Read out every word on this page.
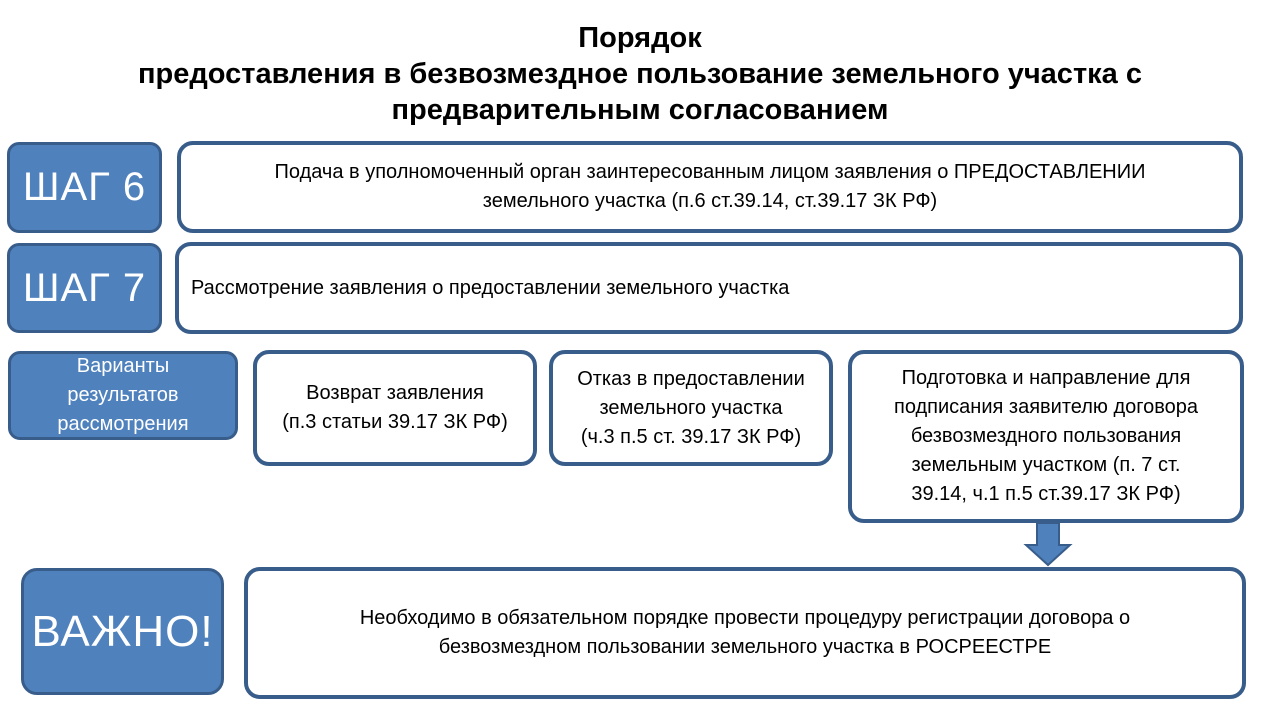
Порядок
предоставления в безвозмездное пользование земельного участка с
предварительным согласованием
ШАГ 6	Подача в уполномоченный орган заинтересованным лицом заявления о ПРЕДОСТАВЛЕНИИ
земельного участка (п.6 ст.39.14, ст.39.17 ЗК РФ)
ШАГ 7 Рассмотрение заявления о предоставлении земельного участка
Варианты
результатов
рассмотрения
Возврат заявления
(п.3 статьи 39.17 ЗК РФ)
Отказ в предоставлении
земельного участка
(ч.3 п.5 ст. 39.17 ЗК РФ)
Подготовка и направление для
подписания заявителю договора
безвозмездного пользования
земельным участком (п. 7 ст.
39.14, ч.1 п.5 ст.39.17 ЗК РФ)
ВАЖНО!	Необходимо в обязательном порядке провести процедуру регистрации договора о
безвозмездном пользовании земельного участка в РОСРЕЕСТРЕ
